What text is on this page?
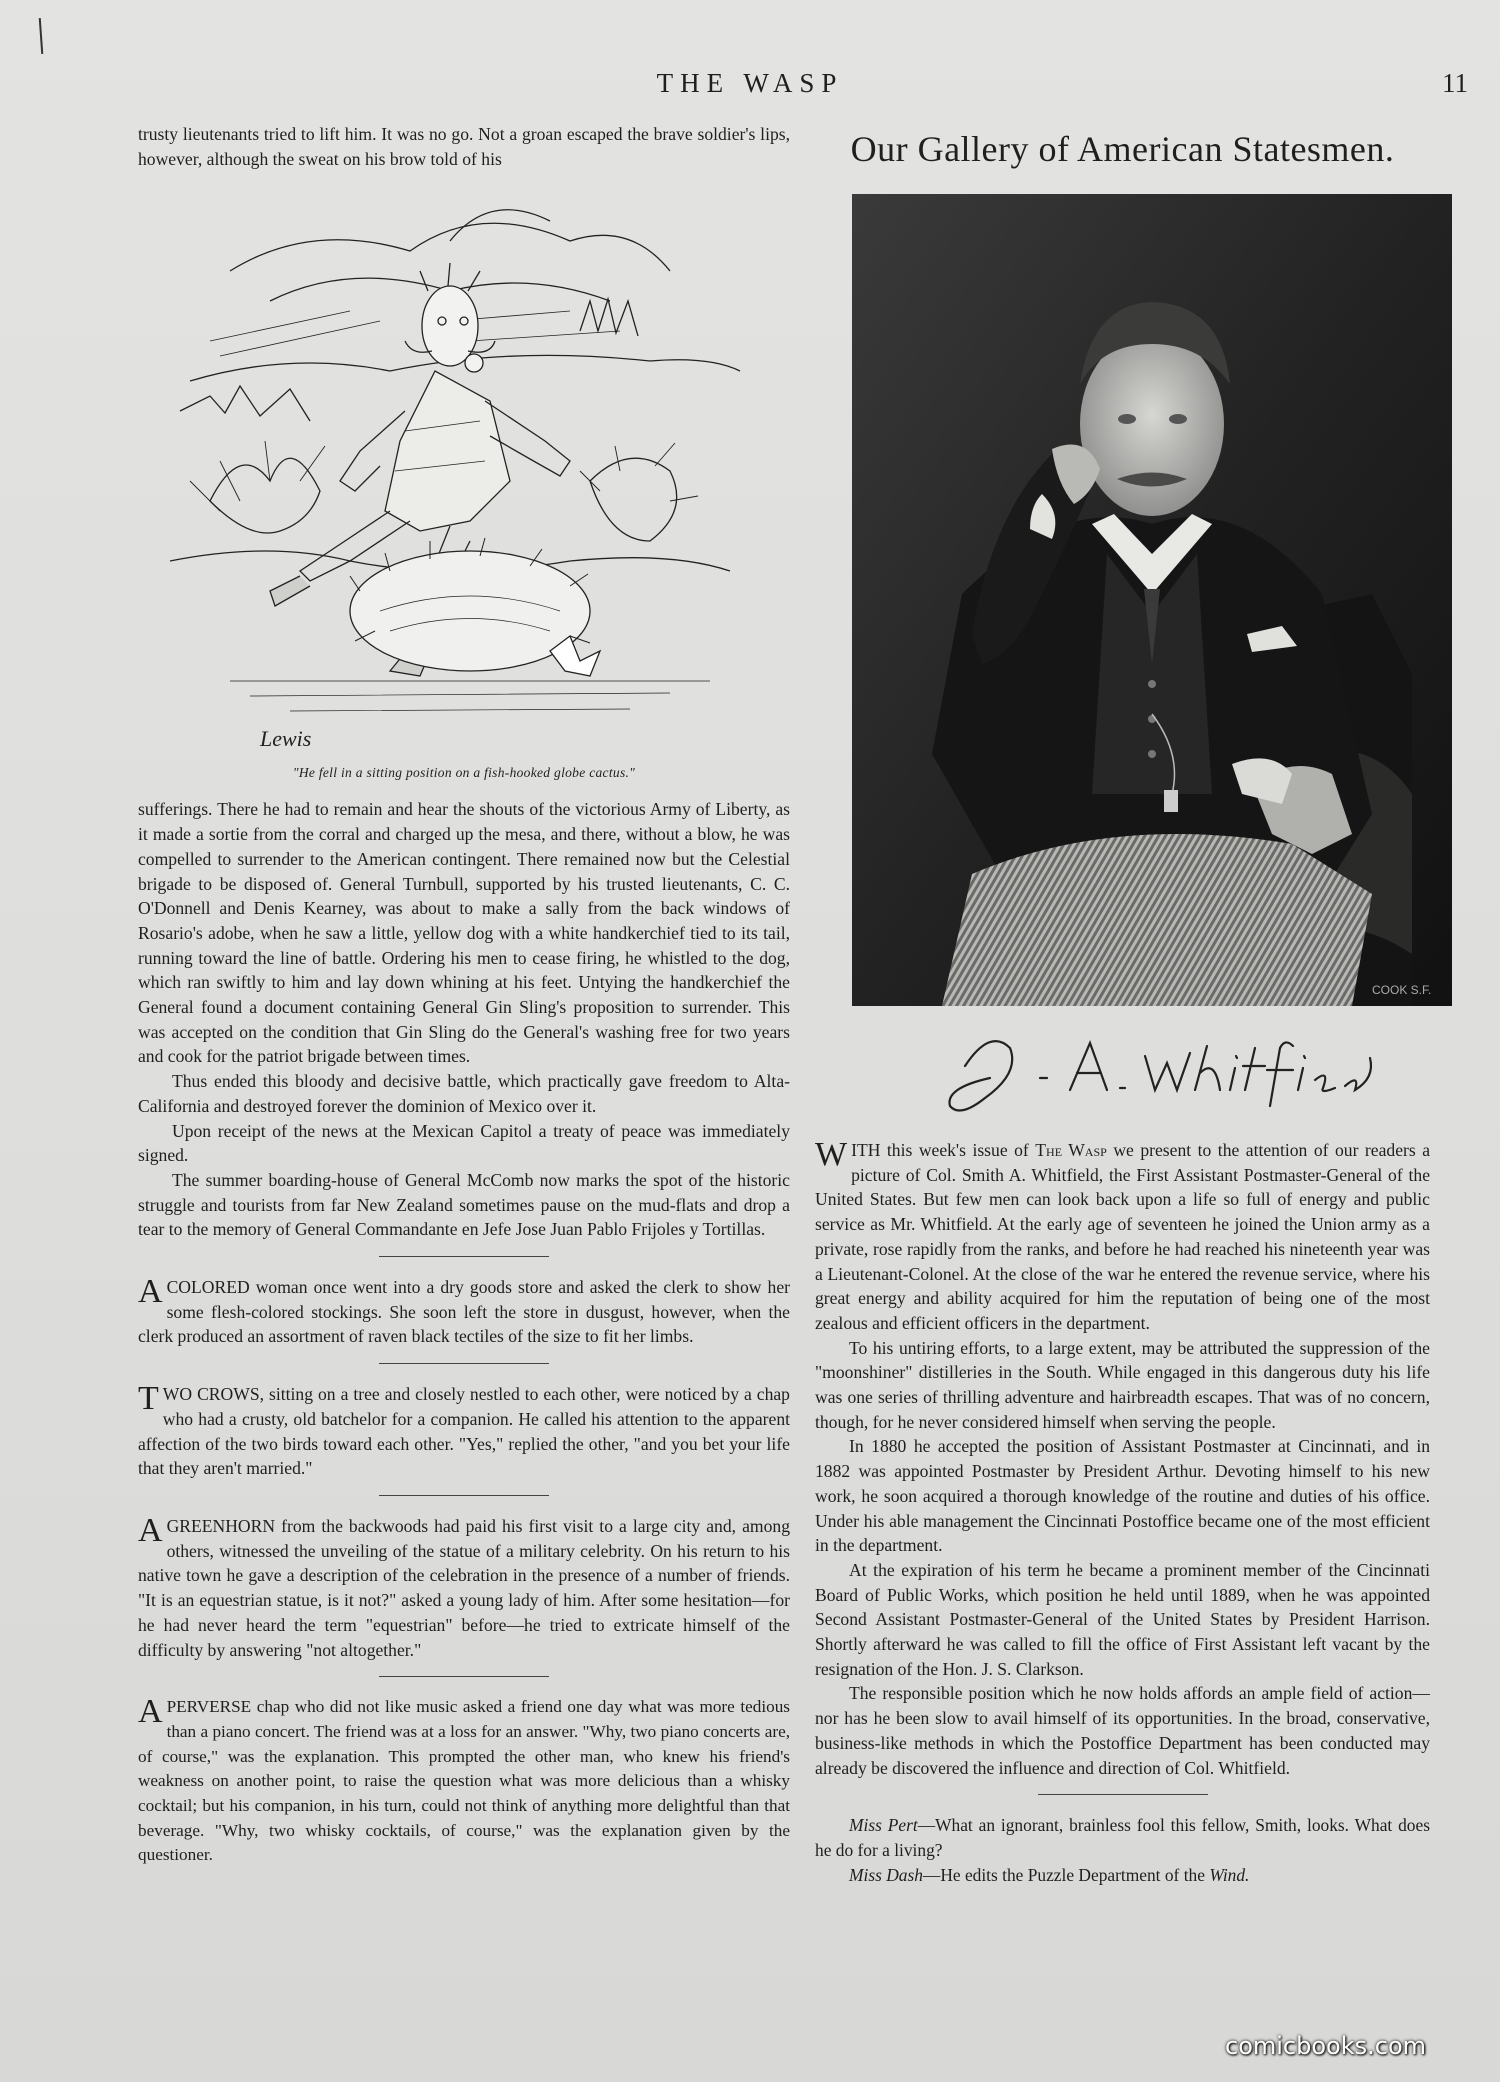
THE WASP	11

trusty lieutenants tried to lift him. It was no go. Not a groan escaped the brave soldier's lips, however, although the sweat on his brow told of his

Lewis
"He fell in a sitting position on a fish-hooked globe cactus."

sufferings. There he had to remain and hear the shouts of the victorious Army of Liberty, as it made a sortie from the corral and charged up the mesa, and there, without a blow, he was compelled to surrender to the American contingent. There remained now but the Celestial brigade to be disposed of. General Turnbull, supported by his trusted lieutenants, C. C. O'Donnell and Denis Kearney, was about to make a sally from the back windows of Rosario's adobe, when he saw a little, yellow dog with a white handkerchief tied to its tail, running toward the line of battle. Ordering his men to cease firing, he whistled to the dog, which ran swiftly to him and lay down whining at his feet. Untying the handkerchief the General found a document containing General Gin Sling's proposition to surrender. This was accepted on the condition that Gin Sling do the General's washing free for two years and cook for the patriot brigade between times.

Thus ended this bloody and decisive battle, which practically gave freedom to Alta-California and destroyed forever the dominion of Mexico over it.

Upon receipt of the news at the Mexican Capitol a treaty of peace was immediately signed.

The summer boarding-house of General McComb now marks the spot of the historic struggle and tourists from far New Zealand sometimes pause on the mud-flats and drop a tear to the memory of General Commandante en Jefe Jose Juan Pablo Frijoles y Tortillas.

ACOLORED woman once went into a dry goods store and asked the clerk to show her some flesh-colored stockings. She soon left the store in dusgust, however, when the clerk produced an assortment of raven black tectiles of the size to fit her limbs.

TWO CROWS, sitting on a tree and closely nestled to each other, were noticed by a chap who had a crusty, old batchelor for a companion. He called his attention to the apparent affection of the two birds toward each other. "Yes," replied the other, "and you bet your life that they aren't married."

AGREENHORN from the backwoods had paid his first visit to a large city and, among others, witnessed the unveiling of the statue of a military celebrity. On his return to his native town he gave a description of the celebration in the presence of a number of friends. "It is an equestrian statue, is it not?" asked a young lady of him. After some hesitation—for he had never heard the term "equestrian" before—he tried to extricate himself of the difficulty by answering "not altogether."

APERVERSE chap who did not like music asked a friend one day what was more tedious than a piano concert. The friend was at a loss for an answer. "Why, two piano concerts are, of course," was the explanation. This prompted the other man, who knew his friend's weakness on another point, to raise the question what was more delicious than a whisky cocktail; but his companion, in his turn, could not think of anything more delightful than that beverage. "Why, two whisky cocktails, of course," was the explanation given by the questioner.

Our Gallery of American Statesmen.
COOK S.F.
S. A. Whitfield

WITH this week's issue of The Wasp we present to the attention of our readers a picture of Col. Smith A. Whitfield, the First Assistant Postmaster-General of the United States. But few men can look back upon a life so full of energy and public service as Mr. Whitfield. At the early age of seventeen he joined the Union army as a private, rose rapidly from the ranks, and before he had reached his nineteenth year was a Lieutenant-Colonel. At the close of the war he entered the revenue service, where his great energy and ability acquired for him the reputation of being one of the most zealous and efficient officers in the department.

To his untiring efforts, to a large extent, may be attributed the suppression of the "moonshiner" distilleries in the South. While engaged in this dangerous duty his life was one series of thrilling adventure and hairbreadth escapes. That was of no concern, though, for he never considered himself when serving the people.

In 1880 he accepted the position of Assistant Postmaster at Cincinnati, and in 1882 was appointed Postmaster by President Arthur. Devoting himself to his new work, he soon acquired a thorough knowledge of the routine and duties of his office. Under his able management the Cincinnati Postoffice became one of the most efficient in the department.

At the expiration of his term he became a prominent member of the Cincinnati Board of Public Works, which position he held until 1889, when he was appointed Second Assistant Postmaster-General of the United States by President Harrison. Shortly afterward he was called to fill the office of First Assistant left vacant by the resignation of the Hon. J. S. Clarkson.

The responsible position which he now holds affords an ample field of action—nor has he been slow to avail himself of its opportunities. In the broad, conservative, business-like methods in which the Postoffice Department has been conducted may already be discovered the influence and direction of Col. Whitfield.

Miss Pert—What an ignorant, brainless fool this fellow, Smith, looks. What does he do for a living?

Miss Dash—He edits the Puzzle Department of the Wind.

comicbooks.com
